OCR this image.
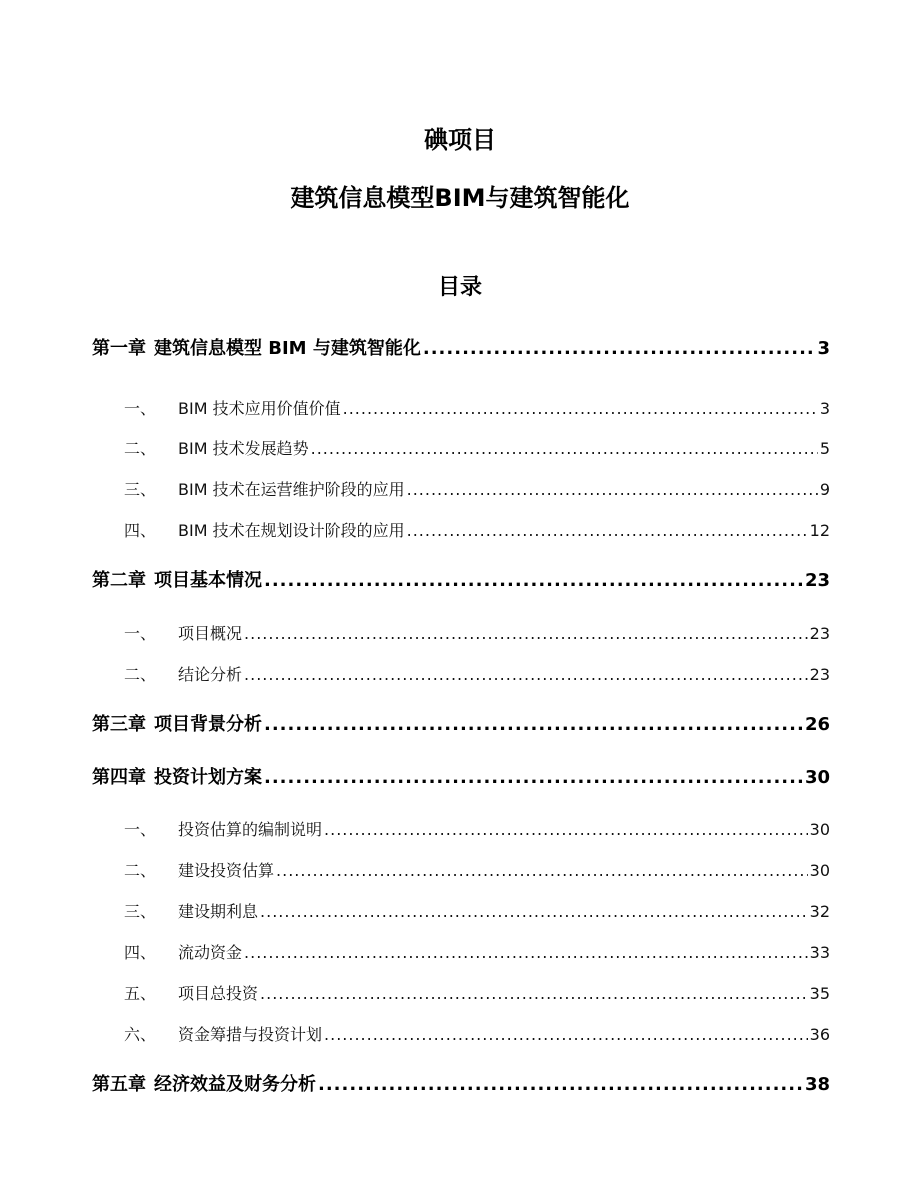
碘项目
建筑信息模型BIM与建筑智能化
目录
第一章 建筑信息模型 BIM 与建筑智能化 .....	3
一、 BIM 技术应用价值价值 .....	3
二、 BIM 技术发展趋势 .....	5
三、 BIM 技术在运营维护阶段的应用 .....	9
四、 BIM 技术在规划设计阶段的应用 .....	12
第二章 项目基本情况 .....	23
一、 项目概况 .....	23
二、 结论分析 .....	23
第三章 项目背景分析 .....	26
第四章 投资计划方案 .....	30
一、 投资估算的编制说明 .....	30
二、 建设投资估算 .....	30
三、 建设期利息 .....	32
四、 流动资金 .....	33
五、 项目总投资 .....	35
六、 资金筹措与投资计划 .....	36
第五章 经济效益及财务分析 .....	38
